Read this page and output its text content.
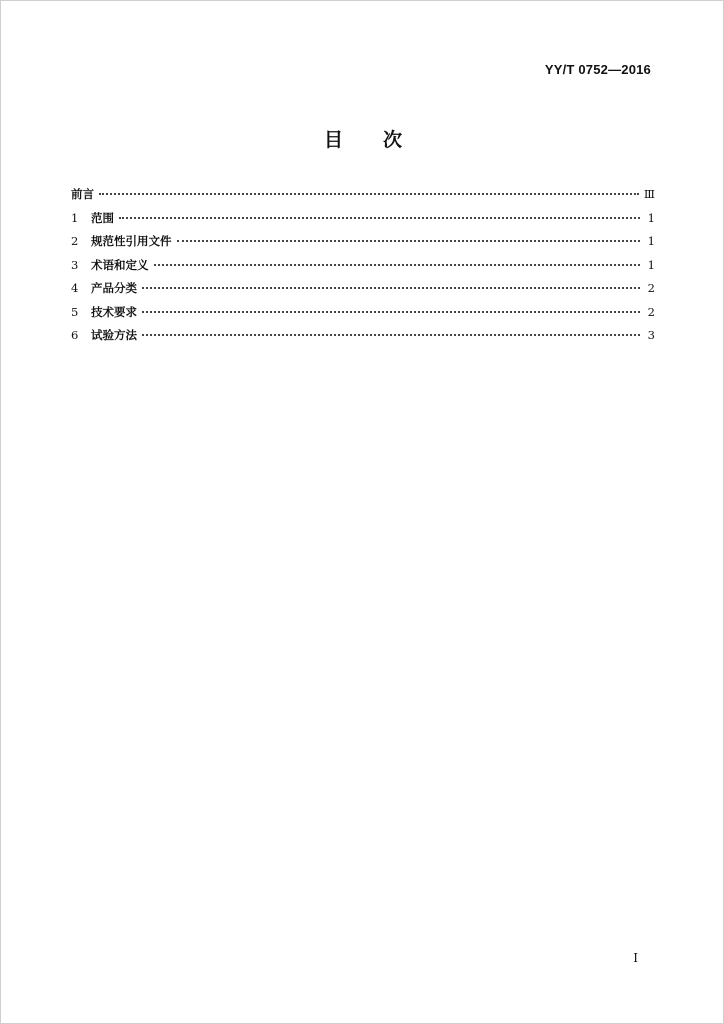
YY/T 0752—2016
目 次
前言	Ⅲ
1	范围	1
2	规范性引用文件	1
3	术语和定义	1
4	产品分类	2
5	技术要求	2
6	试验方法	3
I
